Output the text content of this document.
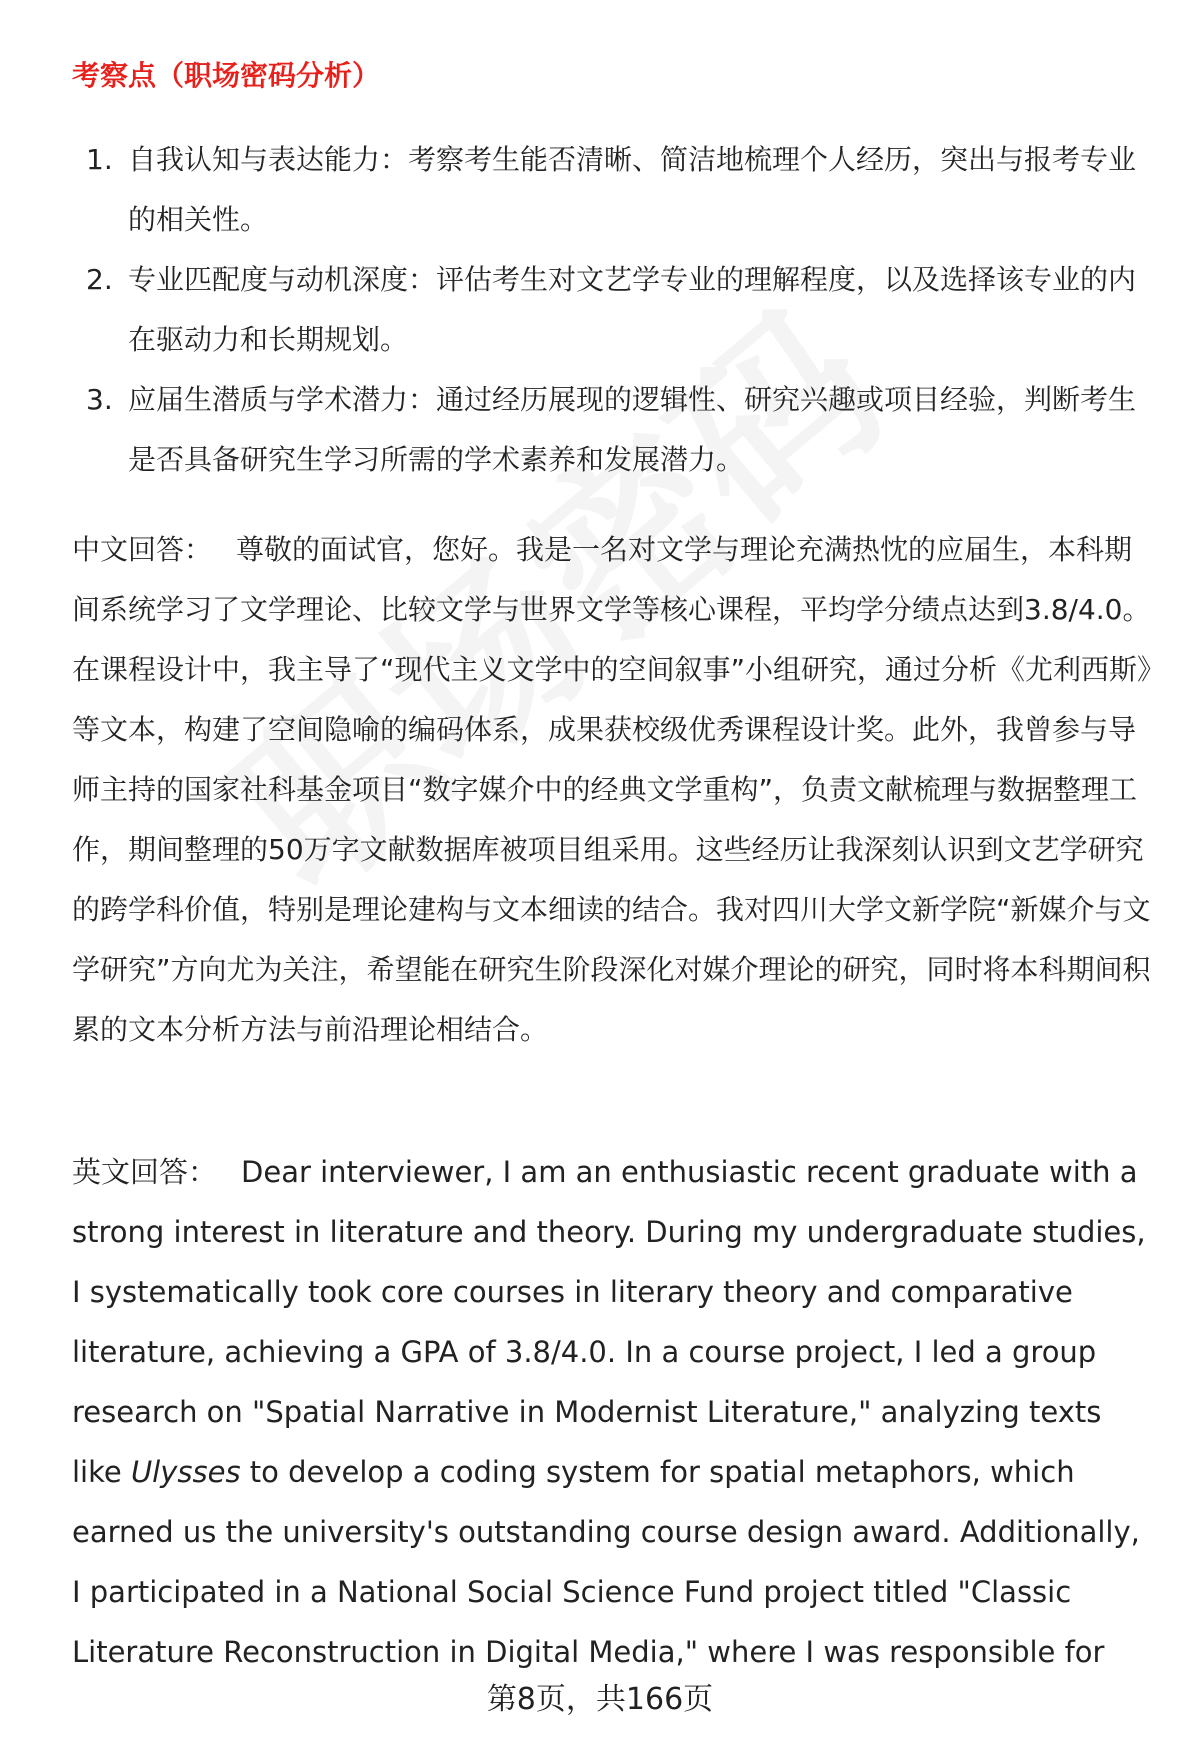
考察点（职场密码分析）
1. 自我认知与表达能力：考察考生能否清晰、简洁地梳理个人经历，突出与报考专业的相关性。
2. 专业匹配度与动机深度：评估考生对文艺学专业的理解程度，以及选择该专业的内在驱动力和长期规划。
3. 应届生潜质与学术潜力：通过经历展现的逻辑性、研究兴趣或项目经验，判断考生是否具备研究生学习所需的学术素养和发展潜力。

中文回答： 尊敬的面试官，您好。我是一名对文学与理论充满热忱的应届生，本科期间系统学习了文学理论、比较文学与世界文学等核心课程，平均学分绩点达到3.8/4.0。在课程设计中，我主导了“现代主义文学中的空间叙事”小组研究，通过分析《尤利西斯》等文本，构建了空间隐喻的编码体系，成果获校级优秀课程设计奖。此外，我曾参与导师主持的国家社科基金项目“数字媒介中的经典文学重构”，负责文献梳理与数据整理工作，期间整理的50万字文献数据库被项目组采用。这些经历让我深刻认识到文艺学研究的跨学科价值，特别是理论建构与文本细读的结合。我对四川大学文新学院“新媒介与文学研究”方向尤为关注，希望能在研究生阶段深化对媒介理论的研究，同时将本科期间积累的文本分析方法与前沿理论相结合。

英文回答： Dear interviewer, I am an enthusiastic recent graduate with a strong interest in literature and theory. During my undergraduate studies, I systematically took core courses in literary theory and comparative literature, achieving a GPA of 3.8/4.0. In a course project, I led a group research on "Spatial Narrative in Modernist Literature," analyzing texts like Ulysses to develop a coding system for spatial metaphors, which earned us the university's outstanding course design award. Additionally, I participated in a National Social Science Fund project titled "Classic Literature Reconstruction in Digital Media," where I was responsible for

第8页，共166页
